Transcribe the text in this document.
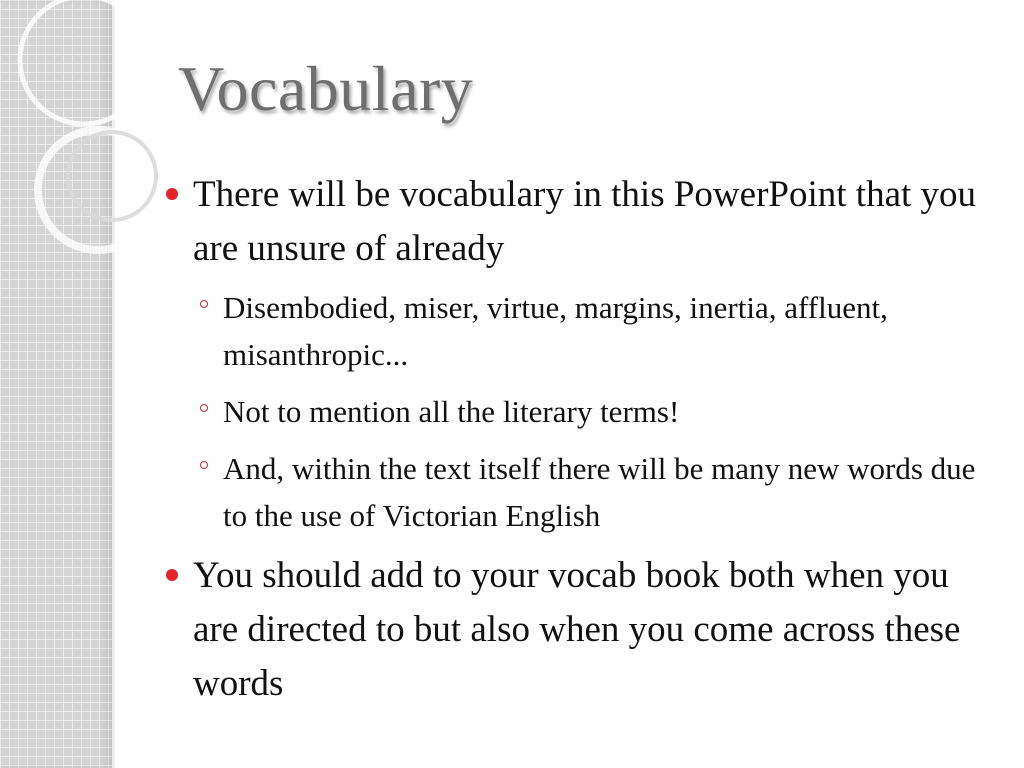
Vocabulary
There will be vocabulary in this PowerPoint that you are unsure of already
Disembodied, miser, virtue, margins, inertia, affluent, misanthropic...
Not to mention all the literary terms!
And, within the text itself there will be many new words due to the use of Victorian English
You should add to your vocab book both when you are directed to but also when you come across these words
